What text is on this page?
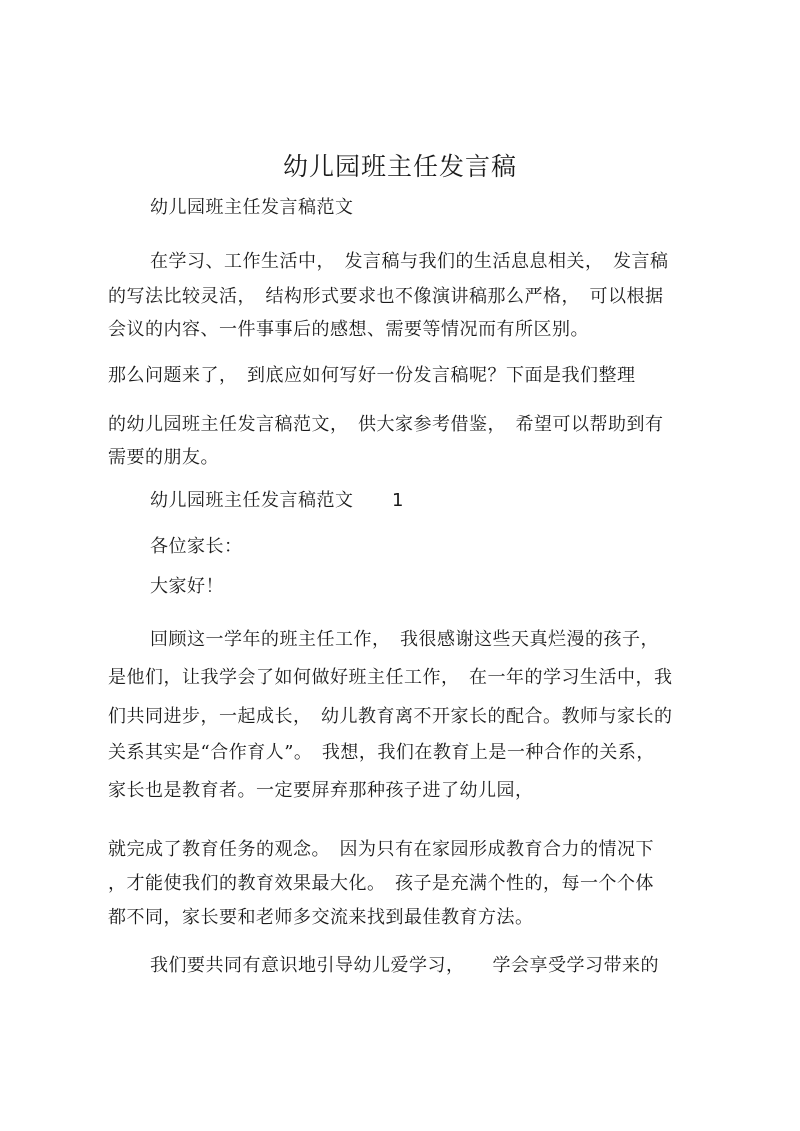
幼儿园班主任发言稿
幼儿园班主任发言稿范文
在学习、工作生活中，　发言稿与我们的生活息息相关，　发言稿
的写法比较灵活，　结构形式要求也不像演讲稿那么严格，　可以根据
会议的内容、一件事事后的感想、需要等情况而有所区别。
那么问题来了，　到底应如何写好一份发言稿呢？下面是我们整理
的幼儿园班主任发言稿范文，　供大家参考借鉴，　希望可以帮助到有
需要的朋友。
幼儿园班主任发言稿范文 1
各位家长：
大家好！
回顾这一学年的班主任工作，　我很感谢这些天真烂漫的孩子，
是他们，让我学会了如何做好班主任工作，　在一年的学习生活中，我
们共同进步，一起成长，　幼儿教育离不开家长的配合。教师与家长的
关系其实是“合作育人”。　我想，我们在教育上是一种合作的关系，
家长也是教育者。一定要屏弃那种孩子进了幼儿园，
就完成了教育任务的观念。　因为只有在家园形成教育合力的情况下
，才能使我们的教育效果最大化。　孩子是充满个性的，每一个个体
都不同，家长要和老师多交流来找到最佳教育方法。
我们要共同有意识地引导幼儿爱学习，　　学会享受学习带来的
